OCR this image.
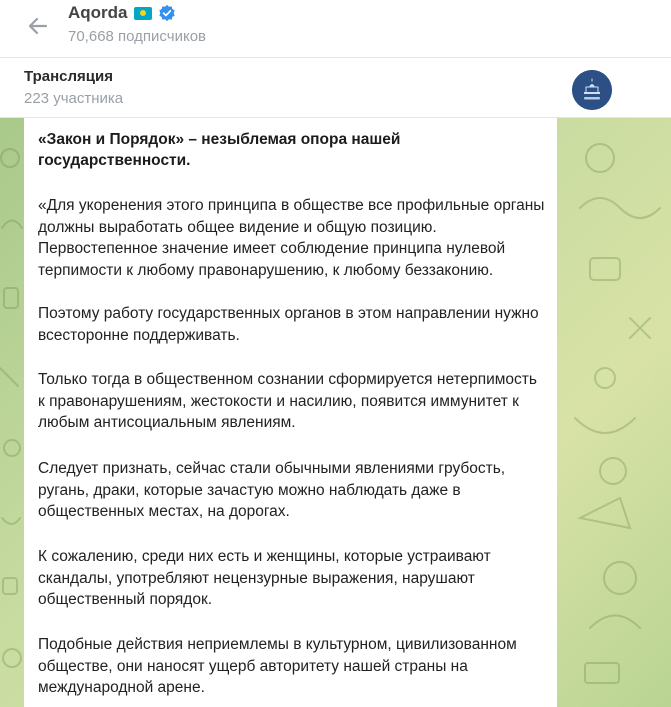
Aqorda
70,668 подписчиков
Трансляция
223 участника
«Закон и Порядок» – незыблемая опора нашей государственности.
«Для укоренения этого принципа в обществе все профильные органы должны выработать общее видение и общую позицию. Первостепенное значение имеет соблюдение принципа нулевой терпимости к любому правонарушению, к любому беззаконию.
Поэтому работу государственных органов в этом направлении нужно всесторонне поддерживать.
Только тогда в общественном сознании сформируется нетерпимость к правонарушениям, жестокости и насилию, появится иммунитет к любым антисоциальным явлениям.
Следует признать, сейчас стали обычными явлениями грубость, ругань, драки, которые зачастую можно наблюдать даже в общественных местах, на дорогах.
К сожалению, среди них есть и женщины, которые устраивают скандалы, употребляют нецензурные выражения, нарушают общественный порядок.
Подобные действия неприемлемы в культурном, цивилизованном обществе, они наносят ущерб авторитету нашей страны на международной арене.
